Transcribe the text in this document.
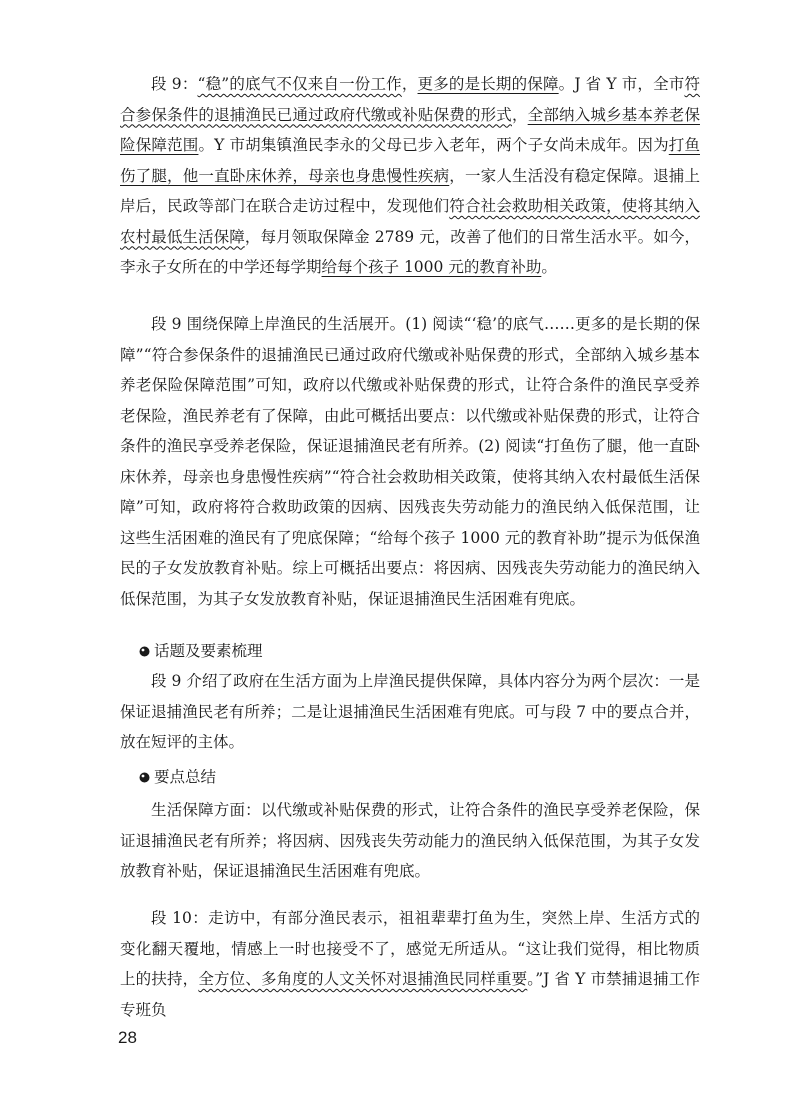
段 9：“稳”的底气不仅来自一份工作，更多的是长期的保障。J 省 Y 市，全市符合参保条件的退捕渔民已通过政府代缴或补贴保费的形式，全部纳入城乡基本养老保险保障范围。Y 市胡集镇渔民李永的父母已步入老年，两个子女尚未成年。因为打鱼伤了腿，他一直卧床休养，母亲也身患慢性疾病，一家人生活没有稳定保障。退捕上岸后，民政等部门在联合走访过程中，发现他们符合社会救助相关政策，使将其纳入农村最低生活保障，每月领取保障金 2789 元，改善了他们的日常生活水平。如今，李永子女所在的中学还每学期给每个孩子 1000 元的教育补助。
段 9 围绕保障上岸渔民的生活展开。(1) 阅读“‘稳’的底气……更多的是长期的保障”“符合参保条件的退捕渔民已通过政府代缴或补贴保费的形式，全部纳入城乡基本养老保险保障范围”可知，政府以代缴或补贴保费的形式，让符合条件的渔民享受养老保险，渔民养老有了保障，由此可概括出要点：以代缴或补贴保费的形式，让符合条件的渔民享受养老保险，保证退捕渔民老有所养。(2) 阅读“打鱼伤了腿，他一直卧床休养，母亲也身患慢性疾病”“符合社会救助相关政策，使将其纳入农村最低生活保障”可知，政府将符合救助政策的因病、因残丧失劳动能力的渔民纳入低保范围，让这些生活困难的渔民有了兜底保障；“给每个孩子 1000 元的教育补助”提示为低保渔民的子女发放教育补贴。综上可概括出要点：将因病、因残丧失劳动能力的渔民纳入低保范围，为其子女发放教育补贴，保证退捕渔民生活困难有兜底。
话题及要素梳理
段 9 介绍了政府在生活方面为上岸渔民提供保障，具体内容分为两个层次：一是保证退捕渔民老有所养；二是让退捕渔民生活困难有兜底。可与段 7 中的要点合并，放在短评的主体。
要点总结
生活保障方面：以代缴或补贴保费的形式，让符合条件的渔民享受养老保险，保证退捕渔民老有所养；将因病、因残丧失劳动能力的渔民纳入低保范围，为其子女发放教育补贴，保证退捕渔民生活困难有兜底。
段 10：走访中，有部分渔民表示，祖祖辈辈打鱼为生，突然上岸、生活方式的变化翻天覆地，情感上一时也接受不了，感觉无所适从。“这让我们觉得，相比物质上的扶持，全方位、多角度的人文关怀对退捕渔民同样重要。”J 省 Y 市禁捕退捕工作专班负
28
